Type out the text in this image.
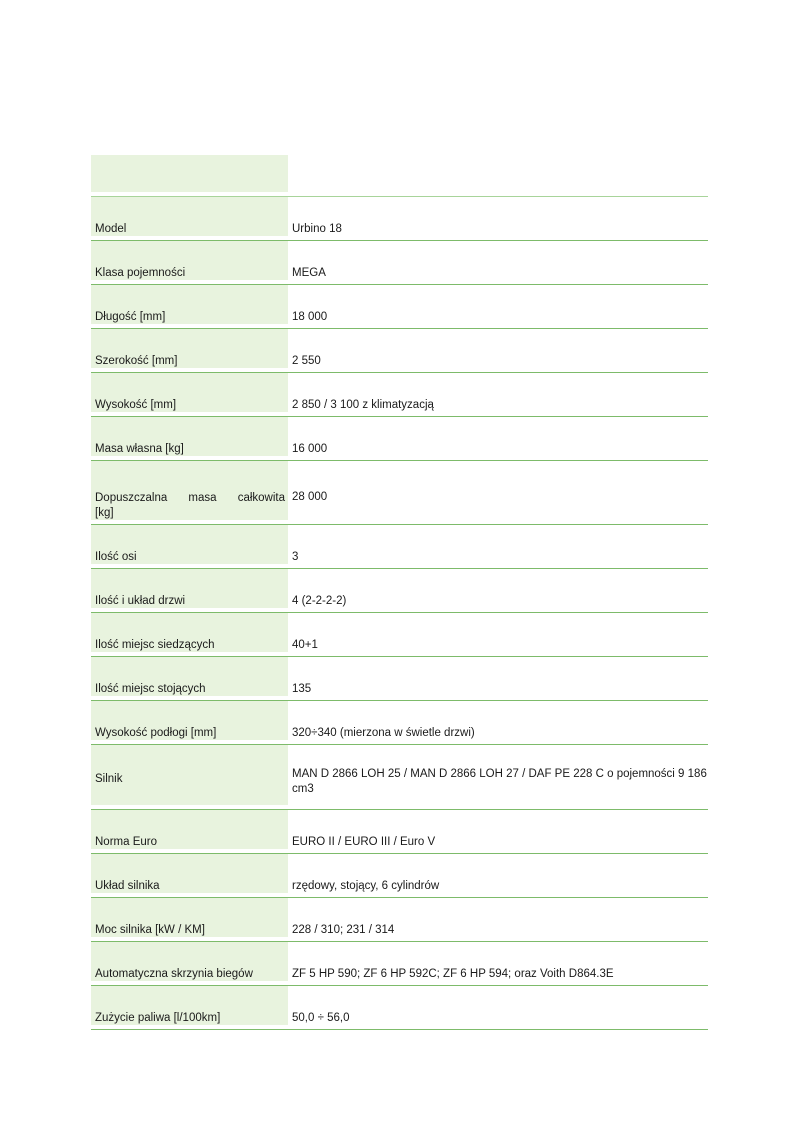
Model	Urbino 18
Klasa pojemności	MEGA
Długość [mm]	18 000
Szerokość [mm]	2 550
Wysokość [mm]	2 850 / 3 100 z klimatyzacją
Masa własna [kg]	16 000

Dopuszczalna masa całkowita
[kg]	28 000
Ilość osi	3
Ilość i układ drzwi	4 (2-2-2-2)
Ilość miejsc siedzących	40+1
Ilość miejsc stojących	135
Wysokość podłogi [mm]	320÷340 (mierzona w świetle drzwi)
Silnik	MAN D 2866 LOH 25 / MAN D 2866 LOH 27 / DAF PE 228 C o pojemności 9 186 cm3
Norma Euro	EURO II / EURO III / Euro V
Układ silnika	rzędowy, stojący, 6 cylindrów
Moc silnika [kW / KM]	228 / 310; 231 / 314
Automatyczna skrzynia biegów	ZF 5 HP 590; ZF 6 HP 592C; ZF 6 HP 594; oraz Voith D864.3E
Zużycie paliwa [l/100km]	50,0 ÷ 56,0
